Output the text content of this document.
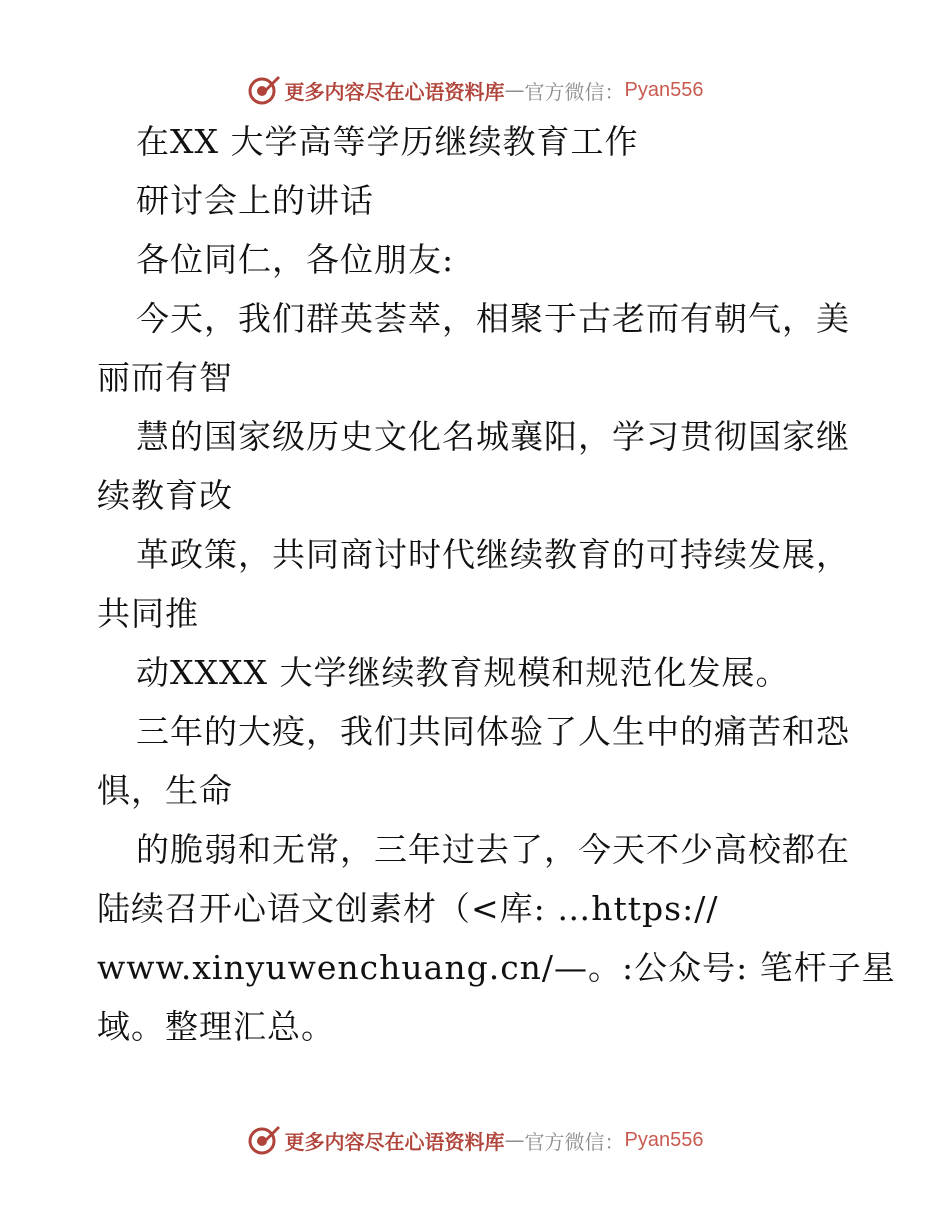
更多内容尽在心语资料库 — 官方微信： Pyan556
在XX 大学高等学历继续教育工作
研讨会上的讲话
各位同仁，各位朋友:
今天，我们群英荟萃，相聚于古老而有朝气，美
丽而有智
慧的国家级历史文化名城襄阳，学习贯彻国家继
续教育改
革政策，共同商讨时代继续教育的可持续发展，
共同推
动XXXX 大学继续教育规模和规范化发展。
三年的大疫，我们共同体验了人生中的痛苦和恐
惧，生命
的脆弱和无常，三年过去了，今天不少高校都在
陆续召开心语文创素材（<库: …https://
www.xinyuwenchuang.cn/—。:公众号: 笔杆子星
域。整理汇总。
更多内容尽在心语资料库 — 官方微信： Pyan556
